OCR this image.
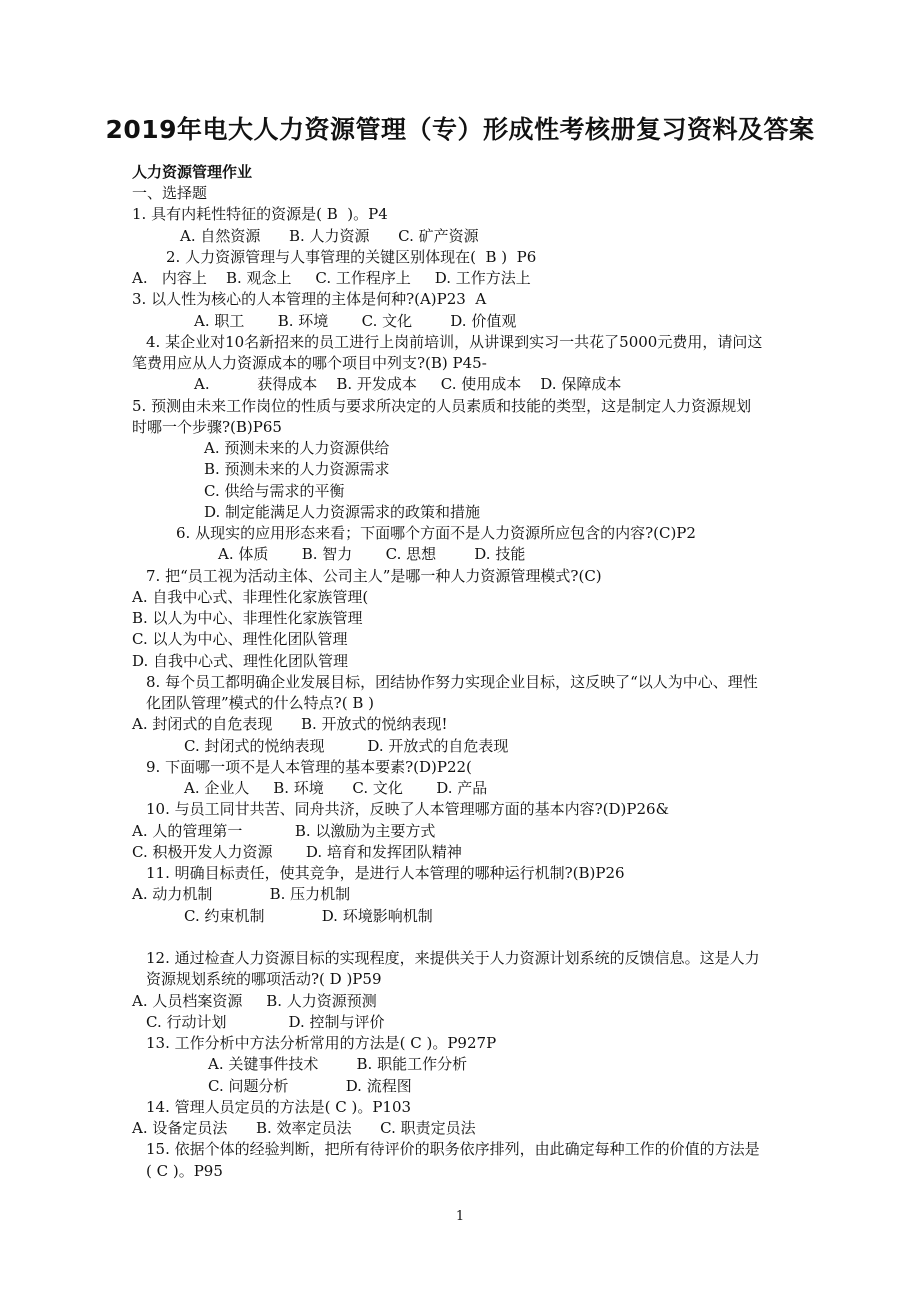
2019年电大人力资源管理（专）形成性考核册复习资料及答案
人力资源管理作业
一、选择题
1. 具有内耗性特征的资源是( B  )。P4
A. 自然资源      B. 人力资源      C. 矿产资源
2. 人力资源管理与人事管理的关键区别体现在(  B )  P6
A.   内容上    B. 观念上     C. 工作程序上     D. 工作方法上
3. 以人性为核心的人本管理的主体是何种?(A)P23  A
A. 职工       B. 环境       C. 文化        D. 价值观
4. 某企业对10名新招来的员工进行上岗前培训，从讲课到实习一共花了5000元费用，请问这
笔费用应从人力资源成本的哪个项目中列支?(B) P45-
A.          获得成本    B. 开发成本     C. 使用成本    D. 保障成本
5. 预测由未来工作岗位的性质与要求所决定的人员素质和技能的类型，这是制定人力资源规划
时哪一个步骤?(B)P65
A. 预测未来的人力资源供给
B. 预测未来的人力资源需求
C. 供给与需求的平衡
D. 制定能满足人力资源需求的政策和措施
6. 从现实的应用形态来看；下面哪个方面不是人力资源所应包含的内容?(C)P2
A. 体质       B. 智力       C. 思想        D. 技能
7. 把“员工视为活动主体、公司主人”是哪一种人力资源管理模式?(C)
A. 自我中心式、非理性化家族管理(
B. 以人为中心、非理性化家族管理
C. 以人为中心、理性化团队管理
D. 自我中心式、理性化团队管理
8. 每个员工都明确企业发展目标，团结协作努力实现企业目标，这反映了“以人为中心、理性
化团队管理”模式的什么特点?( B )
A. 封闭式的自危表现      B. 开放式的悦纳表现!
C. 封闭式的悦纳表现         D. 开放式的自危表现
9. 下面哪一项不是人本管理的基本要素?(D)P22(
A. 企业人     B. 环境      C. 文化       D. 产品
10. 与员工同甘共苦、同舟共济，反映了人本管理哪方面的基本内容?(D)P26&
A. 人的管理第一           B. 以激励为主要方式
C. 积极开发人力资源       D. 培育和发挥团队精神
11. 明确目标责任，使其竞争，是进行人本管理的哪种运行机制?(B)P26
A. 动力机制            B. 压力机制
C. 约束机制            D. 环境影响机制
12. 通过检查人力资源目标的实现程度，来提供关于人力资源计划系统的反馈信息。这是人力
资源规划系统的哪项活动?( D )P59
A. 人员档案资源     B. 人力资源预测
C. 行动计划             D. 控制与评价
13. 工作分析中方法分析常用的方法是( C )。P927P
A. 关键事件技术        B. 职能工作分析
C. 问题分析            D. 流程图
14. 管理人员定员的方法是( C )。P103
A. 设备定员法      B. 效率定员法      C. 职责定员法
15. 依据个体的经验判断，把所有待评价的职务依序排列，由此确定每种工作的价值的方法是
( C )。P95
1
